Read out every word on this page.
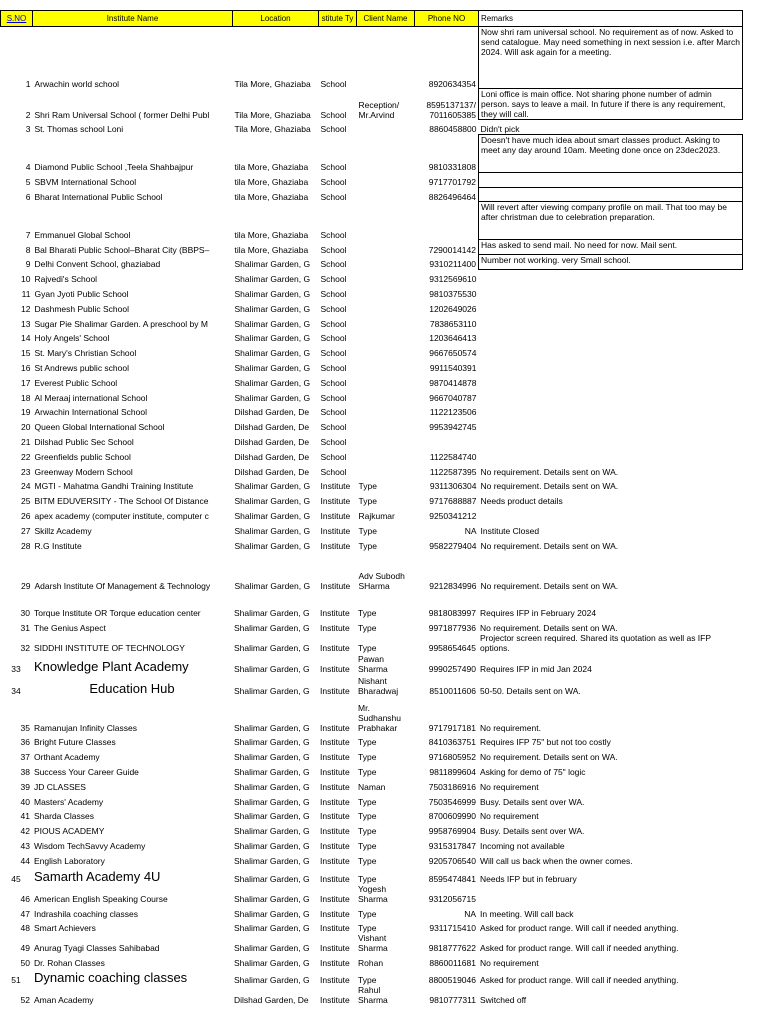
S.NO	Institute Name	Location	stitute Ty	Client Name	Phone NO	Remarks
1	Arwachin world school	Tila More, Ghaziaba	School		8920634354	Now shri ram universal school. No requirement as of now. Asked to send catalogue. May need something in next session i.e. after March 2024. Will ask again for a meeting.
2	Shri Ram Universal School ( former Delhi Publ	Tila More, Ghaziaba	School	Reception/ Mr.Arvind	8595137137/ 7011605385	Loni office is main office. Not sharing phone number of admin person. says to leave a mail. In future if there is any requirement, they will call.
3	St. Thomas school Loni	Tila More, Ghaziaba	School		8860458800	Didn't pick
4	Diamond Public School ,Teela Shahbajpur	tila More, Ghaziaba	School		9810331808	Doesn't have much idea about smart classes product. Asking to meet any day around 10am. Meeting done once on 23dec2023.
5	SBVM International School	tila More, Ghaziaba	School		9717701792	
6	Bharat International Public School	tila More, Ghaziaba	School		8826496464	
7	Emmanuel Global School	tila More, Ghaziaba	School			Will revert after viewing company profile on mail. That too may be after christman due to celebration preparation.
8	Bal Bharati Public School–Bharat City (BBPS–	tila More, Ghaziaba	School		7290014142	Has asked to send mail. No need for now. Mail sent.
9	Delhi Convent School, ghaziabad	Shalimar Garden, G	School		9310211400	Number not working. very Small school.
10	Rajvedi's School	Shalimar Garden, G	School		9312569610	
11	Gyan Jyoti Public School	Shalimar Garden, G	School		9810375530	
12	Dashmesh Public School	Shalimar Garden, G	School		1202649026	
13	Sugar Pie Shalimar Garden. A preschool by M	Shalimar Garden, G	School		7838653110	
14	Holy Angels' School	Shalimar Garden, G	School		1203646413	
15	St. Mary's Christian School	Shalimar Garden, G	School		9667650574	
16	St Andrews public school	Shalimar Garden, G	School		9911540391	
17	Everest Public School	Shalimar Garden, G	School		9870414878	
18	Al Meraaj international School	Shalimar Garden, G	School		9667040787	
19	Arwachin International School	Dilshad Garden, De	School		1122123506	
20	Queen Global International School	Dilshad Garden, De	School		9953942745	
21	Dilshad Public Sec School	Dilshad Garden, De	School			
22	Greenfields public School	Dilshad Garden, De	School		1122584740	
23	Greenway Modern School	Dilshad Garden, De	School		1122587395	No requirement. Details sent on WA.
24	MGTI - Mahatma Gandhi Training Institute	Shalimar Garden, G	Institute	Type	9311306304	No requirement. Details sent on WA.
25	BITM EDUVERSITY - The School Of Distance	Shalimar Garden, G	Institute	Type	9717688887	Needs product details
26	apex academy (computer institute, computer c	Shalimar Garden, G	Institute	Rajkumar	9250341212	
27	Skillz Academy	Shalimar Garden, G	Institute	Type	NA	Institute Closed
28	R.G Institute	Shalimar Garden, G	Institute	Type	9582279404	No requirement. Details sent on WA.
29	Adarsh Institute Of Management & Technology	Shalimar Garden, G	Institute	Adv Subodh SHarma	9212834996	No requirement. Details sent on WA.
30	Torque Institute OR Torque education center	Shalimar Garden, G	Institute	Type	9818083997	Requires IFP in February 2024
31	The Genius Aspect	Shalimar Garden, G	Institute	Type	9971877936	No requirement. Details sent on WA.
32	SIDDHI INSTITUTE OF TECHNOLOGY	Shalimar Garden, G	Institute	Type	9958654645	Projector screen required. Shared its quotation as well as IFP options.
33	Knowledge Plant Academy	Shalimar Garden, G	Institute	Pawan Sharma	9990257490	Requires IFP in mid Jan 2024
34	Education Hub	Shalimar Garden, G	Institute	Nishant Bharadwaj	8510011606	50-50. Details sent on WA.
35	Ramanujan Infinity Classes	Shalimar Garden, G	Institute	Mr. Sudhanshu Prabhakar	9717917181	No requirement.
36	Bright Future Classes	Shalimar Garden, G	Institute	Type	8410363751	Requires IFP 75" but not too costly
37	Orthant Academy	Shalimar Garden, G	Institute	Type	9716805952	No requirement. Details sent on WA.
38	Success Your Career Guide	Shalimar Garden, G	Institute	Type	9811899604	Asking for demo of 75" logic
39	JD CLASSES	Shalimar Garden, G	Institute	Naman	7503186916	No requirement
40	Masters' Academy	Shalimar Garden, G	Institute	Type	7503546999	Busy. Details sent over WA.
41	Sharda Classes	Shalimar Garden, G	Institute	Type	8700609990	No requirement
42	PIOUS ACADEMY	Shalimar Garden, G	Institute	Type	9958769904	Busy. Details sent over WA.
43	Wisdom TechSavvy Academy	Shalimar Garden, G	Institute	Type	9315317847	Incoming not available
44	English Laboratory	Shalimar Garden, G	Institute	Type	9205706540	Will call us back when the owner comes.
45	Samarth Academy 4U	Shalimar Garden, G	Institute	Type	8595474841	Needs IFP but in february
46	American English Speaking Course	Shalimar Garden, G	Institute	Yogesh Sharma	9312056715	
47	Indrashila coaching classes	Shalimar Garden, G	Institute	Type	NA	In meeting. Will call back
48	Smart Achievers	Shalimar Garden, G	Institute	Type	9311715410	Asked for product range. Will call if needed anything.
49	Anurag Tyagi Classes Sahibabad	Shalimar Garden, G	Institute	Vishant Sharma	9818777622	Asked for product range. Will call if needed anything.
50	Dr. Rohan Classes	Shalimar Garden, G	Institute	Rohan	8860011681	No requirement
51	Dynamic coaching classes	Shalimar Garden, G	Institute	Type	8800519046	Asked for product range. Will call if needed anything.
52	Aman Academy	Dilshad Garden, De	Institute	Rahul Sharma	9810777311	Switched off
